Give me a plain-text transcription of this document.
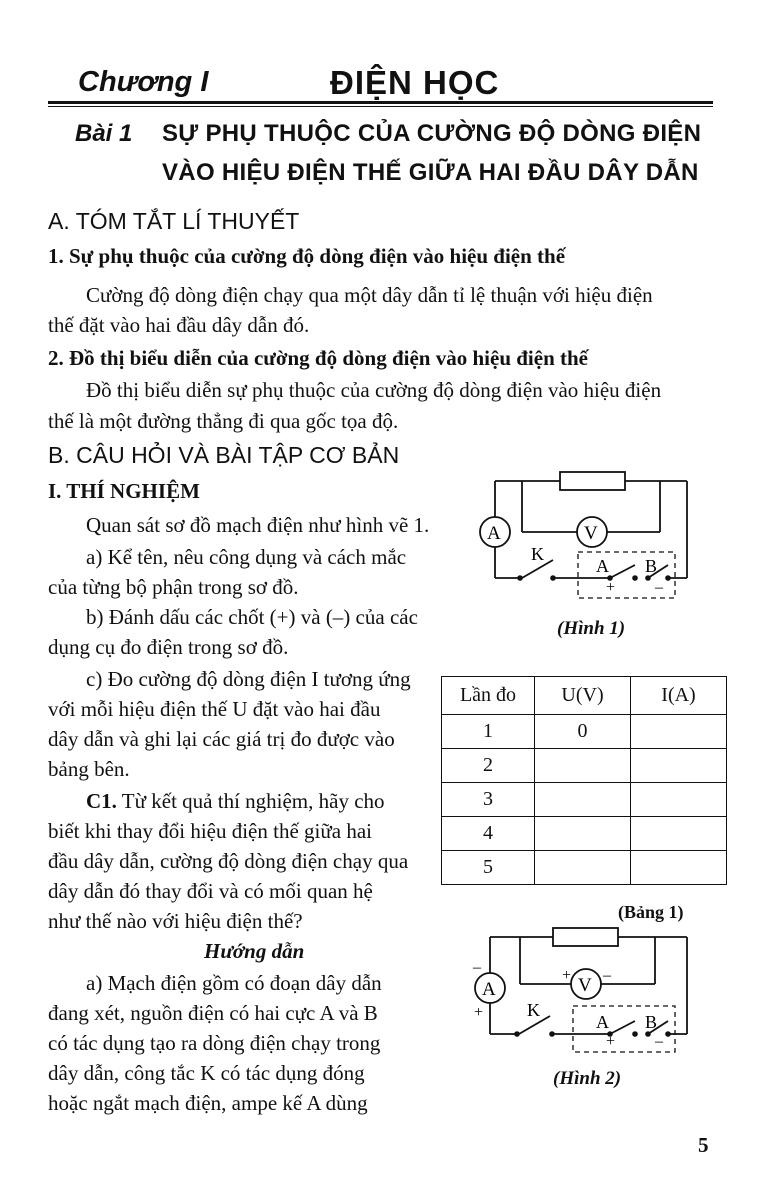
Chương I	ĐIỆN HỌC
Bài 1 SỰ PHỤ THUỘC CỦA CƯỜNG ĐỘ DÒNG ĐIỆN
VÀO HIỆU ĐIỆN THẾ GIỮA HAI ĐẦU DÂY DẪN
A. TÓM TẮT LÍ THUYẾT
1. Sự phụ thuộc của cường độ dòng điện vào hiệu điện thế
Cường độ dòng điện chạy qua một dây dẫn tỉ lệ thuận với hiệu điện
thế đặt vào hai đầu dây dẫn đó.
2. Đồ thị biểu diễn của cường độ dòng điện vào hiệu điện thế
Đồ thị biểu diễn sự phụ thuộc của cường độ dòng điện vào hiệu điện
thế là một đường thẳng đi qua gốc tọa độ.
B. CÂU HỎI VÀ BÀI TẬP CƠ BẢN
I. THÍ NGHIỆM
Quan sát sơ đồ mạch điện như hình vẽ 1.
a) Kể tên, nêu công dụng và cách mắc
của từng bộ phận trong sơ đồ.
b) Đánh dấu các chốt (+) và (–) của các
dụng cụ đo điện trong sơ đồ.
c) Đo cường độ dòng điện I tương ứng
với mỗi hiệu điện thế U đặt vào hai đầu
dây dẫn và ghi lại các giá trị đo được vào
bảng bên.
C1. Từ kết quả thí nghiệm, hãy cho
biết khi thay đổi hiệu điện thế giữa hai
đầu dây dẫn, cường độ dòng điện chạy qua
dây dẫn đó thay đổi và có mối quan hệ
như thế nào với hiệu điện thế?
Hướng dẫn
a) Mạch điện gồm có đoạn dây dẫn
đang xét, nguồn điện có hai cực A và B
có tác dụng tạo ra dòng điện chạy trong
dây dẫn, công tắc K có tác dụng đóng
hoặc ngắt mạch điện, ampe kế A dùng
A	V
K
A B
+ –
(Hình 1)
Lần đo	U(V)	I(A)
1	0	
2		
3		
4		
5		
(Bảng 1)
A	V
K
A B
+ –
–
+
+ –
(Hình 2)
5
